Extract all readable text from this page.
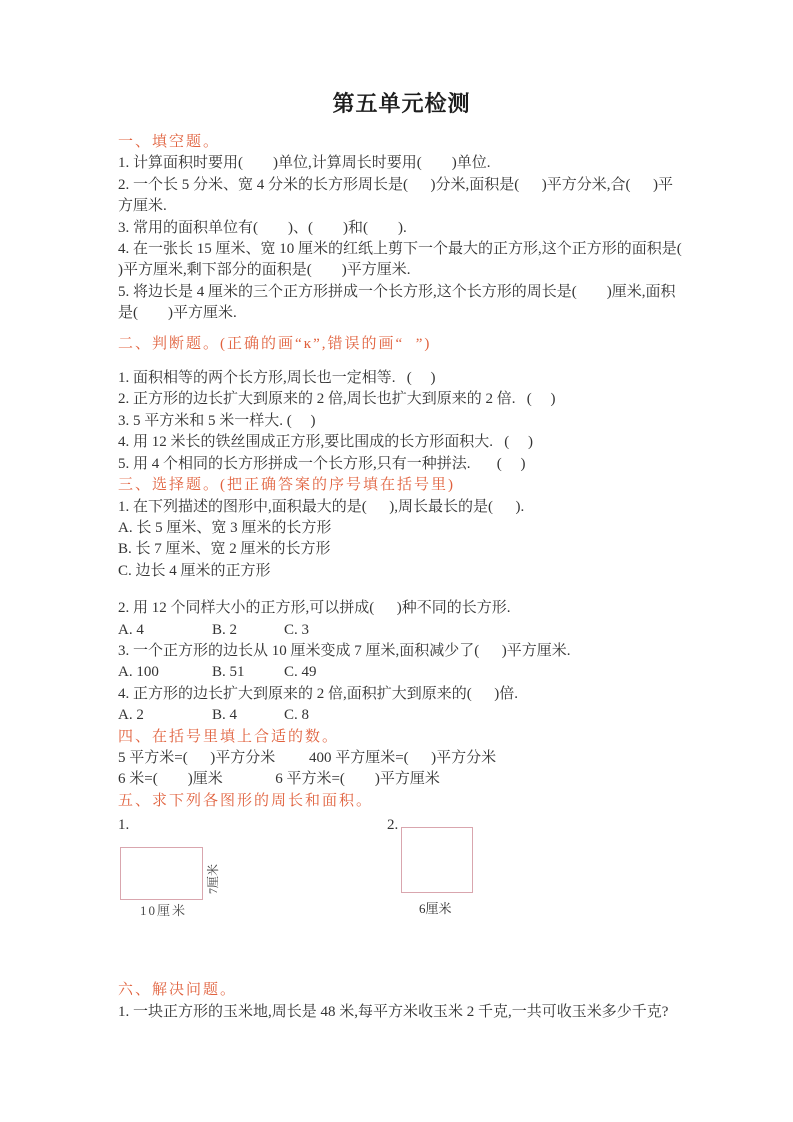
第五单元检测
一、填空题。
1. 计算面积时要用(        )单位,计算周长时要用(        )单位.
2. 一个长 5 分米、宽 4 分米的长方形周长是(      )分米,面积是(      )平方分米,合(      )平方厘米.
3. 常用的面积单位有(        )、(        )和(        ).
4. 在一张长 15 厘米、宽 10 厘米的红纸上剪下一个最大的正方形,这个正方形的面积是(        )平方厘米,剩下部分的面积是(        )平方厘米.
5. 将边长是 4 厘米的三个正方形拼成一个长方形,这个长方形的周长是(        )厘米,面积是(        )平方厘米.
二、判断题。(正确的画“ĸ”,错误的画“  ”)
1. 面积相等的两个长方形,周长也一定相等.   (     )
2. 正方形的边长扩大到原来的 2 倍,周长也扩大到原来的 2 倍.   (     )
3. 5 平方米和 5 米一样大. (     )
4. 用 12 米长的铁丝围成正方形,要比围成的长方形面积大.   (     )
5. 用 4 个相同的长方形拼成一个长方形,只有一种拼法.       (     )
三、选择题。(把正确答案的序号填在括号里)
1. 在下列描述的图形中,面积最大的是(      ),周长最长的是(      ).
A. 长 5 厘米、宽 3 厘米的长方形
B. 长 7 厘米、宽 2 厘米的长方形
C. 边长 4 厘米的正方形
2. 用 12 个同样大小的正方形,可以拼成(      )种不同的长方形.
A. 4	B. 2	C. 3
3. 一个正方形的边长从 10 厘米变成 7 厘米,面积减少了(      )平方厘米.
A. 100	B. 51	C. 49
4. 正方形的边长扩大到原来的 2 倍,面积扩大到原来的(      )倍.
A. 2	B. 4	C. 8
四、在括号里填上合适的数。
5 平方米=(      )平方分米         400 平方厘米=(      )平方分米
6 米=(        )厘米              6 平方米=(        )平方厘米
五、求下列各图形的周长和面积。
1.
7厘米
10厘米
2.
6厘米
六、解决问题。
1. 一块正方形的玉米地,周长是 48 米,每平方米收玉米 2 千克,一共可收玉米多少千克?
